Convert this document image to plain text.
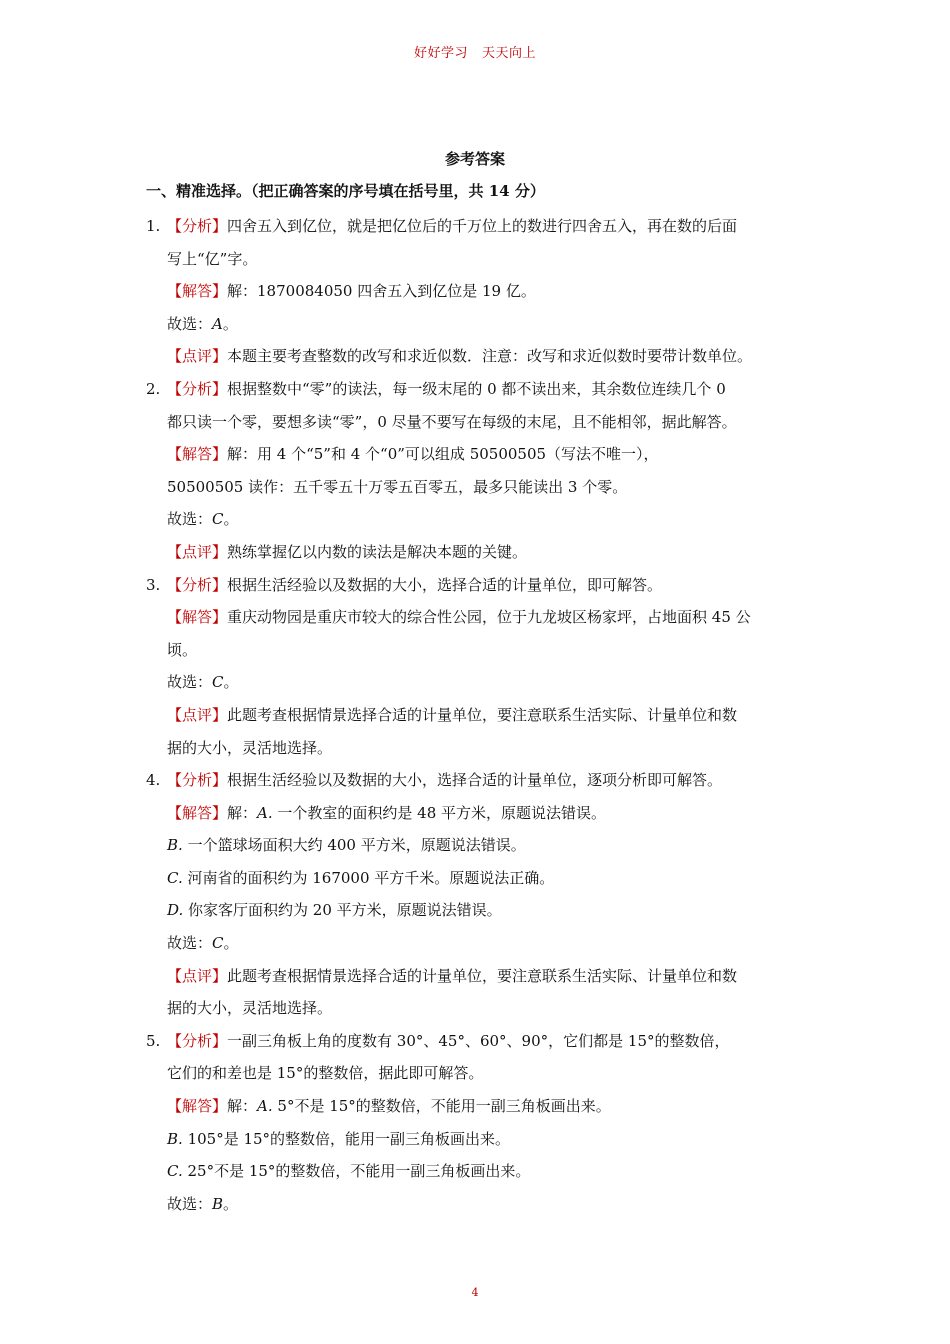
好好学习 天天向上
参考答案
一、精准选择。（把正确答案的序号填在括号里，共 14 分）
1. 【分析】四舍五入到亿位，就是把亿位后的千万位上的数进行四舍五入，再在数的后面
写上“亿”字。
【解答】解：1870084050 四舍五入到亿位是 19 亿。
故选：A。
【点评】本题主要考查整数的改写和求近似数．注意：改写和求近似数时要带计数单位。
2. 【分析】根据整数中“零”的读法，每一级末尾的 0 都不读出来，其余数位连续几个 0
都只读一个零，要想多读“零”，0 尽量不要写在每级的末尾，且不能相邻，据此解答。
【解答】解：用 4 个“5”和 4 个“0”可以组成 50500505（写法不唯一），
50500505 读作：五千零五十万零五百零五，最多只能读出 3 个零。
故选：C。
【点评】熟练掌握亿以内数的读法是解决本题的关键。
3. 【分析】根据生活经验以及数据的大小，选择合适的计量单位，即可解答。
【解答】重庆动物园是重庆市较大的综合性公园，位于九龙坡区杨家坪，占地面积 45 公
顷。
故选：C。
【点评】此题考查根据情景选择合适的计量单位，要注意联系生活实际、计量单位和数
据的大小，灵活地选择。
4. 【分析】根据生活经验以及数据的大小，选择合适的计量单位，逐项分析即可解答。
【解答】解：A. 一个教室的面积约是 48 平方米，原题说法错误。
B. 一个篮球场面积大约 400 平方米，原题说法错误。
C. 河南省的面积约为 167000 平方千米。原题说法正确。
D. 你家客厅面积约为 20 平方米，原题说法错误。
故选：C。
【点评】此题考查根据情景选择合适的计量单位，要注意联系生活实际、计量单位和数
据的大小，灵活地选择。
5. 【分析】一副三角板上角的度数有 30°、45°、60°、90°，它们都是 15°的整数倍，
它们的和差也是 15°的整数倍，据此即可解答。
【解答】解：A. 5°不是 15°的整数倍，不能用一副三角板画出来。
B. 105°是 15°的整数倍，能用一副三角板画出来。
C. 25°不是 15°的整数倍，不能用一副三角板画出来。
故选：B。
4
